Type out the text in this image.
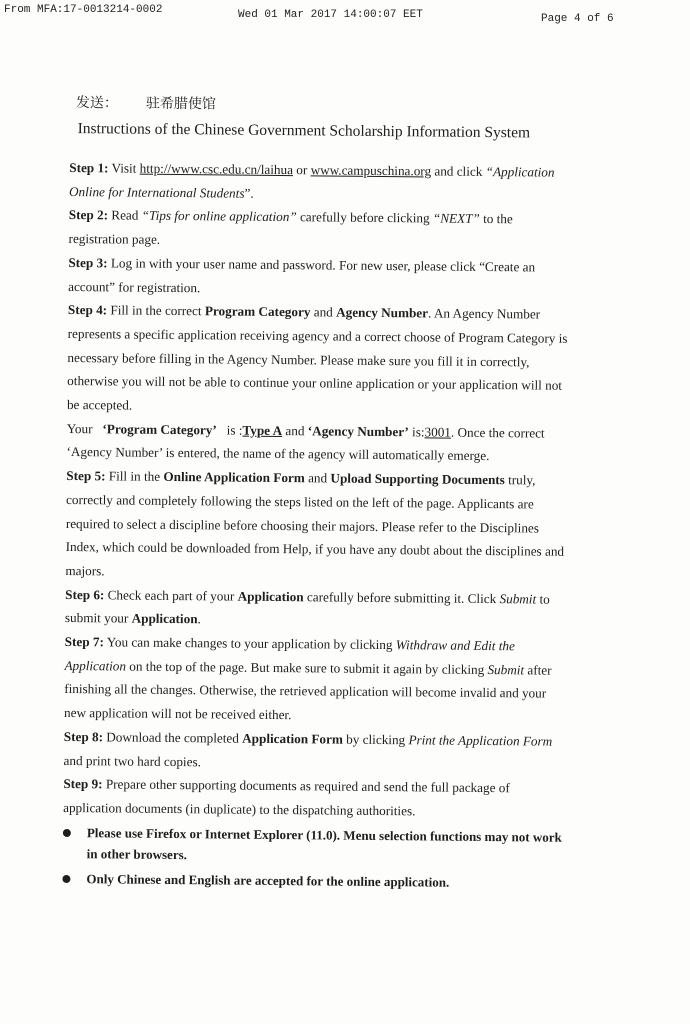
From MFA:17-0013214-0002	Wed 01 Mar 2017 14:00:07 EET	Page 4 of 6
发送： 驻希腊使馆
Instructions of the Chinese Government Scholarship Information System

Step 1: Visit http://www.csc.edu.cn/laihua or www.campuschina.org and click “Application Online for International Students”.

Step 2: Read “Tips for online application” carefully before clicking “NEXT” to the registration page.

Step 3: Log in with your user name and password. For new user, please click “Create an account” for registration.

Step 4: Fill in the correct Program Category and Agency Number. An Agency Number represents a specific application receiving agency and a correct choose of Program Category is necessary before filling in the Agency Number. Please make sure you fill it in correctly, otherwise you will not be able to continue your online application or your application will not be accepted.
Your ‘Program Category’ is :Type A and ‘Agency Number’ is:3001. Once the correct ‘Agency Number’ is entered, the name of the agency will automatically emerge.

Step 5: Fill in the Online Application Form and Upload Supporting Documents truly, correctly and completely following the steps listed on the left of the page. Applicants are required to select a discipline before choosing their majors. Please refer to the Disciplines Index, which could be downloaded from Help, if you have any doubt about the disciplines and majors.

Step 6: Check each part of your Application carefully before submitting it. Click Submit to submit your Application.

Step 7: You can make changes to your application by clicking Withdraw and Edit the Application on the top of the page. But make sure to submit it again by clicking Submit after finishing all the changes. Otherwise, the retrieved application will become invalid and your new application will not be received either.

Step 8: Download the completed Application Form by clicking Print the Application Form and print two hard copies.

Step 9: Prepare other supporting documents as required and send the full package of application documents (in duplicate) to the dispatching authorities.

Please use Firefox or Internet Explorer (11.0). Menu selection functions may not work in other browsers.
Only Chinese and English are accepted for the online application.
